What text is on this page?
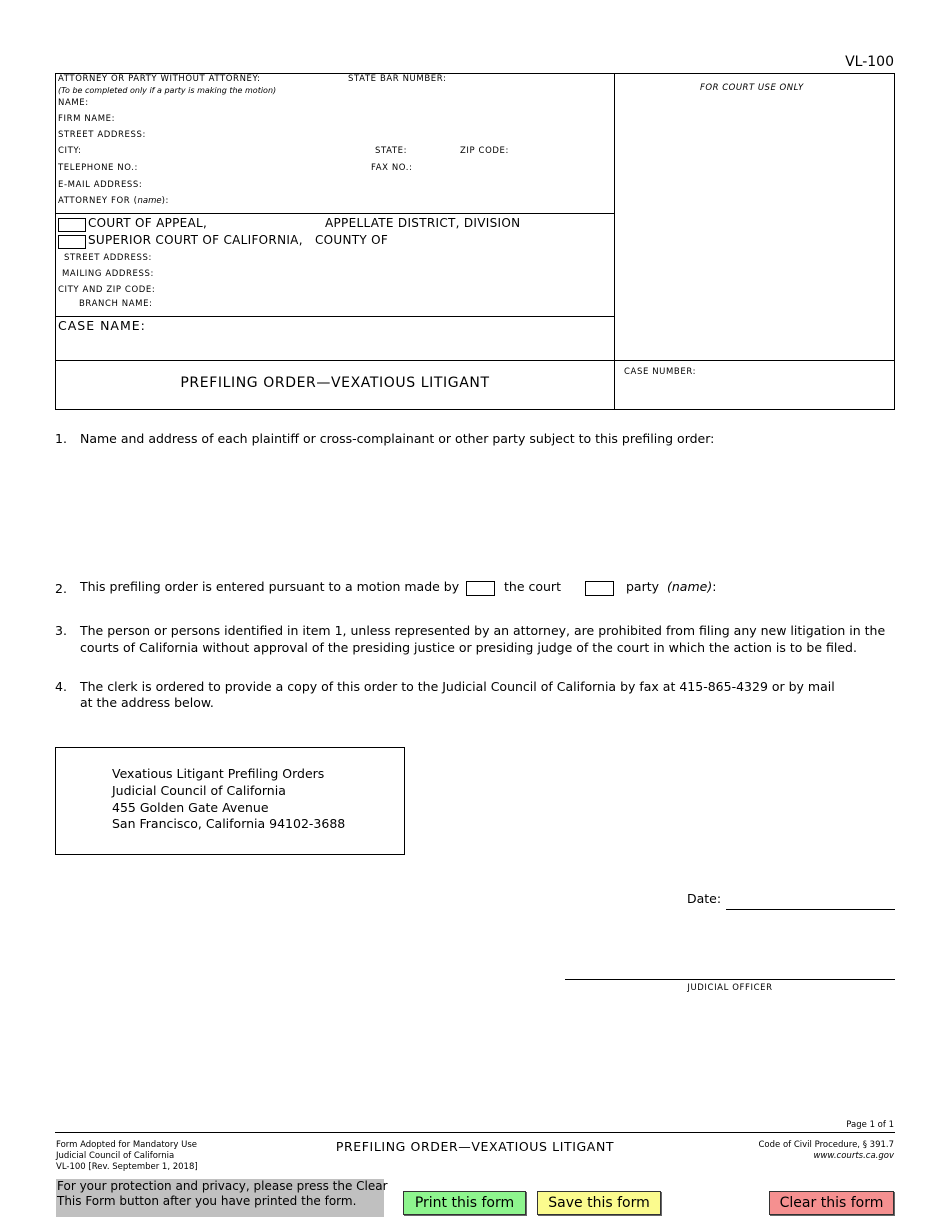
VL-100
ATTORNEY OR PARTY WITHOUT ATTORNEY:	STATE BAR NUMBER:
(To be completed only if a party is making the motion)
NAME:
FIRM NAME:
STREET ADDRESS:
CITY:	STATE:	ZIP CODE:
TELEPHONE NO.:	FAX NO.:
E-MAIL ADDRESS:
ATTORNEY FOR (name):
FOR COURT USE ONLY
COURT OF APPEAL,	APPELLATE DISTRICT, DIVISION
SUPERIOR COURT OF CALIFORNIA, COUNTY OF
STREET ADDRESS:
MAILING ADDRESS:
CITY AND ZIP CODE:
BRANCH NAME:
CASE NAME:
PREFILING ORDER—VEXATIOUS LITIGANT
CASE NUMBER:
1. Name and address of each plaintiff or cross-complainant or other party subject to this prefiling order:
2. This prefiling order is entered pursuant to a motion made by	the court	party (name):
3. The person or persons identified in item 1, unless represented by an attorney, are prohibited from filing any new litigation in the
courts of California without approval of the presiding justice or presiding judge of the court in which the action is to be filed.
4. The clerk is ordered to provide a copy of this order to the Judicial Council of California by fax at 415-865-4329 or by mail
at the address below.
Vexatious Litigant Prefiling Orders
Judicial Council of California
455 Golden Gate Avenue
San Francisco, California 94102-3688
Date:
JUDICIAL OFFICER
Page 1 of 1
Form Adopted for Mandatory Use
Judicial Council of California
VL-100 [Rev. September 1, 2018]
PREFILING ORDER—VEXATIOUS LITIGANT	Code of Civil Procedure, § 391.7
www.courts.ca.gov
For your protection and privacy, please press the Clear
This Form button after you have printed the form.	Print this form	Save this form	Clear this form
